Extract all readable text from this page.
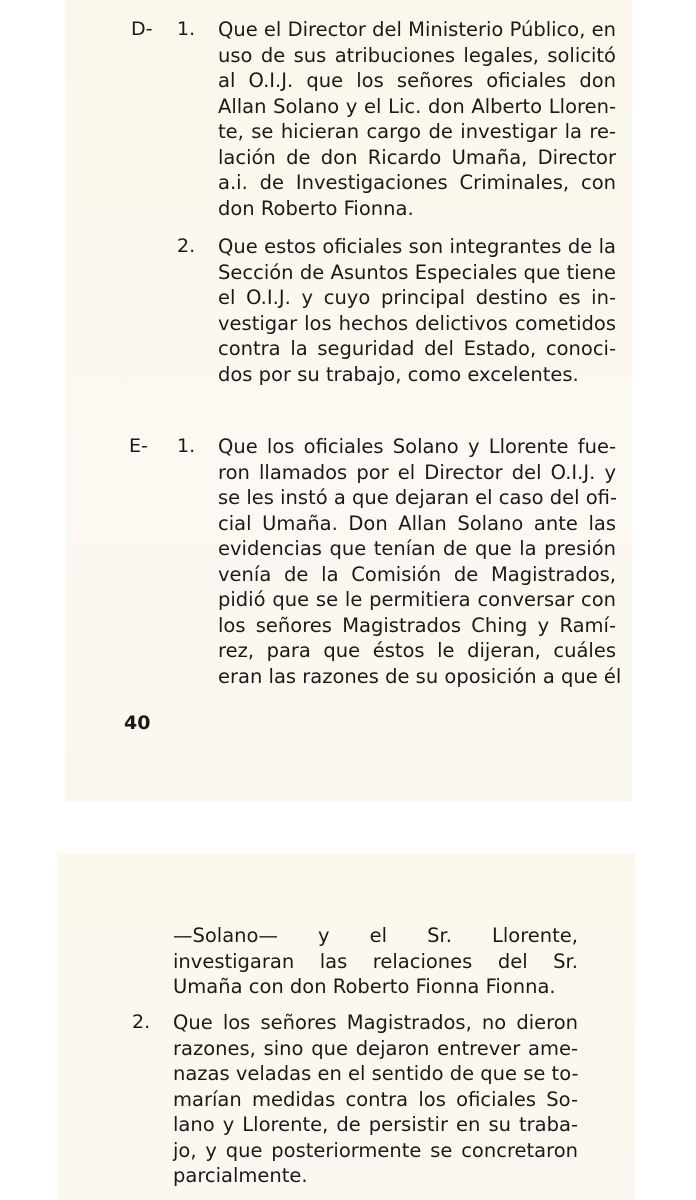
D- 1. Que el Director del Ministerio Público, en
uso de sus atribuciones legales, solicitó
al O.I.J. que los señores oficiales don
Allan Solano y el Lic. don Alberto Lloren-
te, se hicieran cargo de investigar la re-
lación de don Ricardo Umaña, Director
a.i. de Investigaciones Criminales, con
don Roberto Fionna.
2. Que estos oficiales son integrantes de la
Sección de Asuntos Especiales que tiene
el O.I.J. y cuyo principal destino es in-
vestigar los hechos delictivos cometidos
contra la seguridad del Estado, conoci-
dos por su trabajo, como excelentes.
E- 1. Que los oficiales Solano y Llorente fue-
ron llamados por el Director del O.I.J. y
se les instó a que dejaran el caso del ofi-
cial Umaña. Don Allan Solano ante las
evidencias que tenían de que la presión
venía de la Comisión de Magistrados,
pidió que se le permitiera conversar con
los señores Magistrados Ching y Ramí-
rez, para que éstos le dijeran, cuáles
eran las razones de su oposición a que él
40
—Solano— y el Sr. Llorente,
investigaran las relaciones del Sr.
Umaña con don Roberto Fionna Fionna.
2. Que los señores Magistrados, no dieron
razones, sino que dejaron entrever ame-
nazas veladas en el sentido de que se to-
marían medidas contra los oficiales So-
lano y Llorente, de persistir en su traba-
jo, y que posteriormente se concretaron
parcialmente.
